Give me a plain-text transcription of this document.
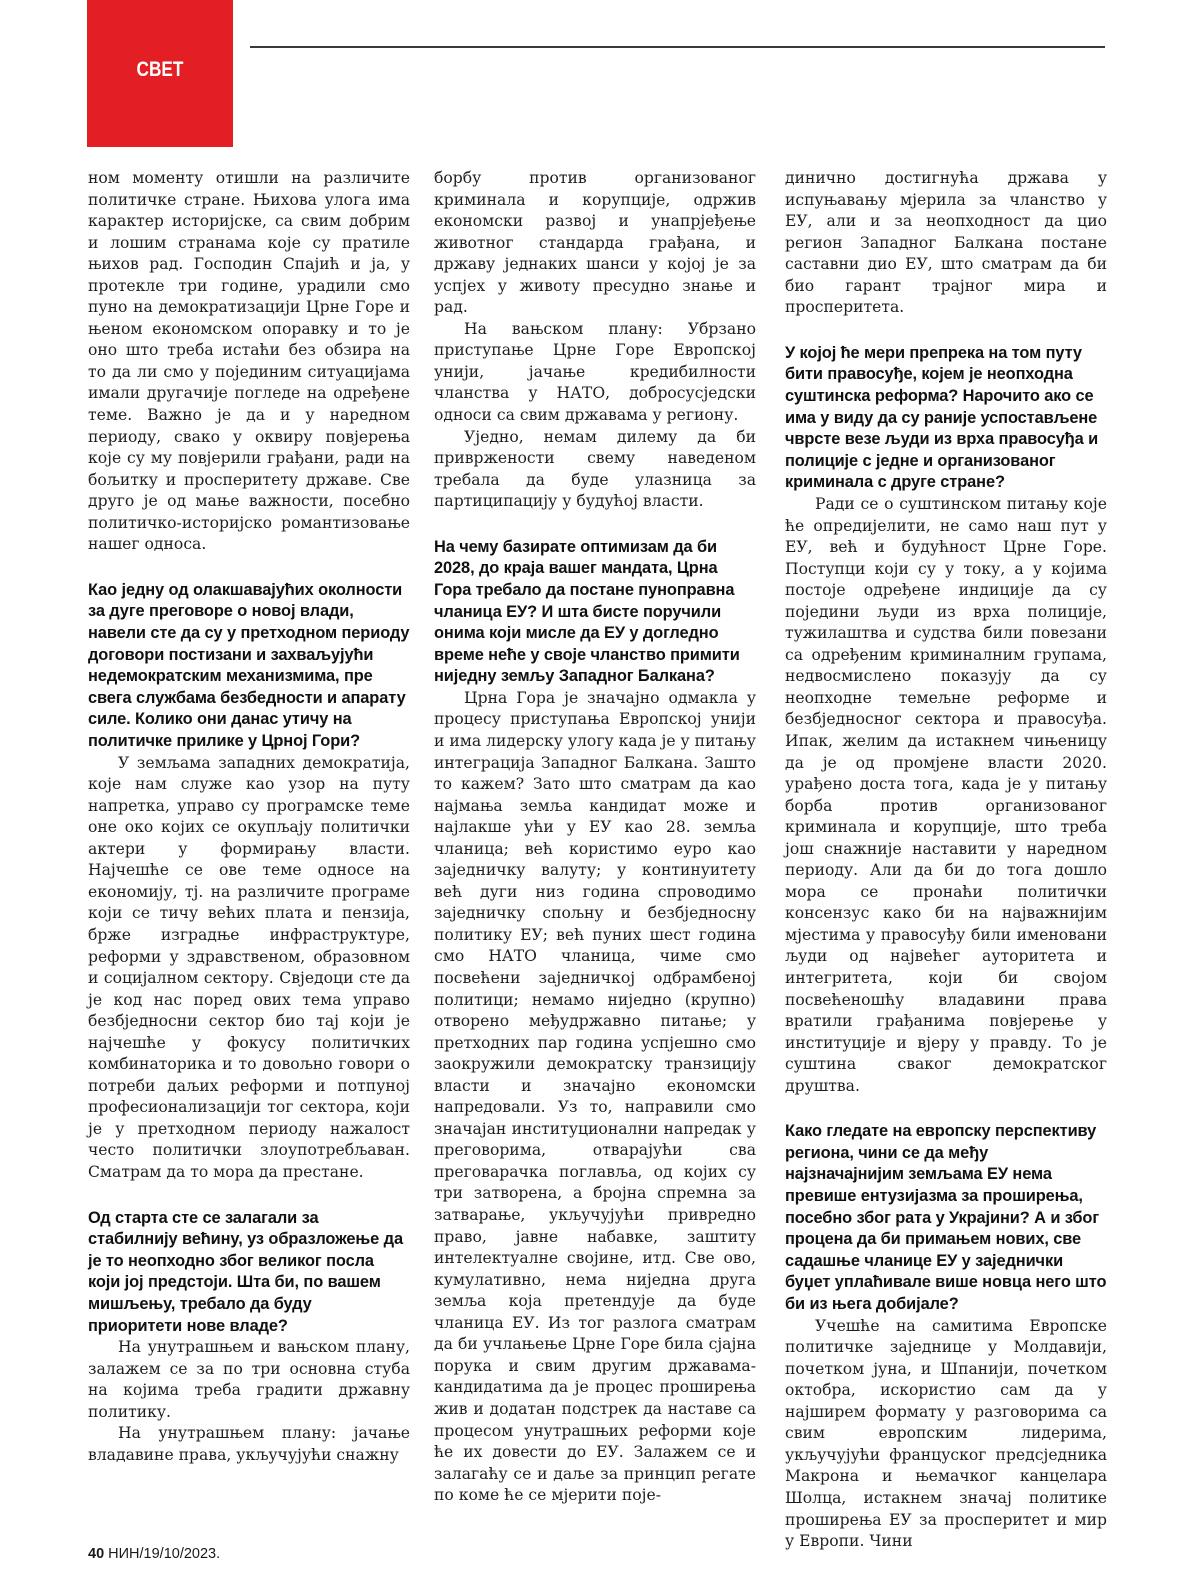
СВЕТ

ном моменту отишли на различите политичке стране. Њихова улога има карактер историјске, са свим добрим и лошим странама које су пратиле њихов рад. Господин Спајић и ја, у протекле три године, урадили смо пуно на демократизацији Црне Горе и њеном економском опоравку и то је оно што треба истаћи без обзира на то да ли смо у појединим ситуацијама имали другачије погледе на одређене теме. Важно је да и у наредном периоду, свако у оквиру повјерења које су му повјерили грађани, ради на бољитку и просперитету државе. Све друго је од мање важности, посебно политичко-историјско романтизовање нашег односа.

Као једну од олакшавајућих околности за дуге преговоре о новој влади, навели сте да су у претходном периоду договори постизани и захваљујући недемократским механизмима, пре свега службама безбедности и апарату силе. Колико они данас утичу на политичке прилике у Црној Гори?

У земљама западних демократија, које нам служе као узор на путу напретка, управо су програмске теме оне око којих се окупљају политички актери у формирању власти. Најчешће се ове теме односе на економију, тј. на различите програме који се тичу већих плата и пензија, брже изградње инфраструктуре, реформи у здравственом, образовном и социјалном сектору. Свједоци сте да је код нас поред ових тема управо безбједносни сектор био тај који је најчешће у фокусу политичких комбинаторика и то довољно говори о потреби даљих реформи и потпуној професионализацији тог сектора, који је у претходном периоду нажалост често политички злоупотребљаван. Сматрам да то мора да престане.

Од старта сте се залагали за стабилнију већину, уз образложење да је то неопходно због великог посла који јој предстоји. Шта би, по вашем мишљењу, требало да буду приоритети нове владе?

На унутрашњем и вањском плану, залажем се за по три основна стуба на којима треба градити државну политику.

На унутрашњем плану: јачање владавине права, укључујући снажну

борбу против организованог криминала и корупције, одржив економски развој и унапрјеђење животног стандарда грађана, и државу једнаких шанси у којој је за успјех у животу пресудно знање и рад.

На вањском плану: Убрзано приступање Црне Горе Европској унији, јачање кредибилности чланства у НАТО, добросусједски односи са свим државама у региону.

Уједно, немам дилему да би привржености свему наведеном требала да буде улазница за партиципацију у будућој власти.

На чему базирате оптимизам да би 2028, до краја вашег мандата, Црна Гора требало да постане пуноправна чланица ЕУ? И шта бисте поручили онима који мисле да ЕУ у догледно време неће у своје чланство примити ниједну земљу Западног Балкана?

Црна Гора је значајно одмакла у процесу приступања Европској унији и има лидерску улогу када је у питању интеграција Западног Балкана. Зашто то кажем? Зато што сматрам да као најмања земља кандидат може и најлакше ући у ЕУ као 28. земља чланица; већ користимо еуро као заједничку валуту; у континуитету већ дуги низ година спроводимо заједничку спољну и безбједносну политику ЕУ; већ пуних шест година смо НАТО чланица, чиме смо посвећени заједничкој одбрамбеној политици; немамо ниједно (крупно) отворено међудржавно питање; у претходних пар година успјешно смо заокружили демократску транзицију власти и значајно економски напредовали. Уз то, направили смо значајан институционални напредак у преговорима, отварајући сва преговарачка поглавља, од којих су три затворена, а бројна спремна за затварање, укључујући привредно право, јавне набавке, заштиту интелектуалне својине, итд. Све ово, кумулативно, нема ниједна друга земља која претендује да буде чланица ЕУ. Из тог разлога сматрам да би учлањење Црне Горе била сјајна порука и свим другим државама-кандидатима да је процес проширења жив и додатан подстрек да наставе са процесом унутрашњих реформи које ће их довести до ЕУ. Залажем се и залагаћу се и даље за принцип регате по коме ће се мјерити поје-

динично достигнућа држава у испуњавању мјерила за чланство у ЕУ, али и за неопходност да цио регион Западног Балкана постане саставни дио ЕУ, што сматрам да би био гарант трајног мира и просперитета.

У којој ће мери препрека на том путу бити правосуђе, којем је неопходна суштинска реформа? Нарочито ако се има у виду да су раније успостављене чврсте везе људи из врха правосуђа и полиције с једне и организованог криминала с друге стране?

Ради се о суштинском питању које ће опредијелити, не само наш пут у ЕУ, већ и будућност Црне Горе. Поступци који су у току, а у којима постоје одређене индиције да су поједини људи из врха полиције, тужилаштва и судства били повезани са одређеним криминалним групама, недвосмислено показују да су неопходне темељне реформе и безбједносног сектора и правосуђа. Ипак, желим да истакнем чињеницу да је од промјене власти 2020. урађено доста тога, када је у питању борба против организованог криминала и корупције, што треба још снажније наставити у наредном периоду. Али да би до тога дошло мора се пронаћи политички консензус како би на најважнијим мјестима у правосуђу били именовани људи од највећег ауторитета и интегритета, који би својом посвећеношћу владавини права вратили грађанима повјерење у институције и вјеру у правду. То је суштина сваког демократског друштва.

Како гледате на европску перспективу региона, чини се да међу најзначајнијим земљама ЕУ нема превише ентузијазма за проширења, посебно због рата у Украјини? А и због процена да би примањем нових, све садашње чланице ЕУ у заједнички буџет уплаћивале више новца него што би из њега добијале?

Учешће на самитима Европске политичке заједнице у Молдавији, почетком јуна, и Шпанији, почетком октобра, искористио сам да у најширем формату у разговорима са свим европским лидерима, укључујући француског предсједника Макрона и њемачког канцелара Шолца, истакнем значај политике проширења ЕУ за просперитет и мир у Европи. Чини

40 НИН/19/10/2023.
